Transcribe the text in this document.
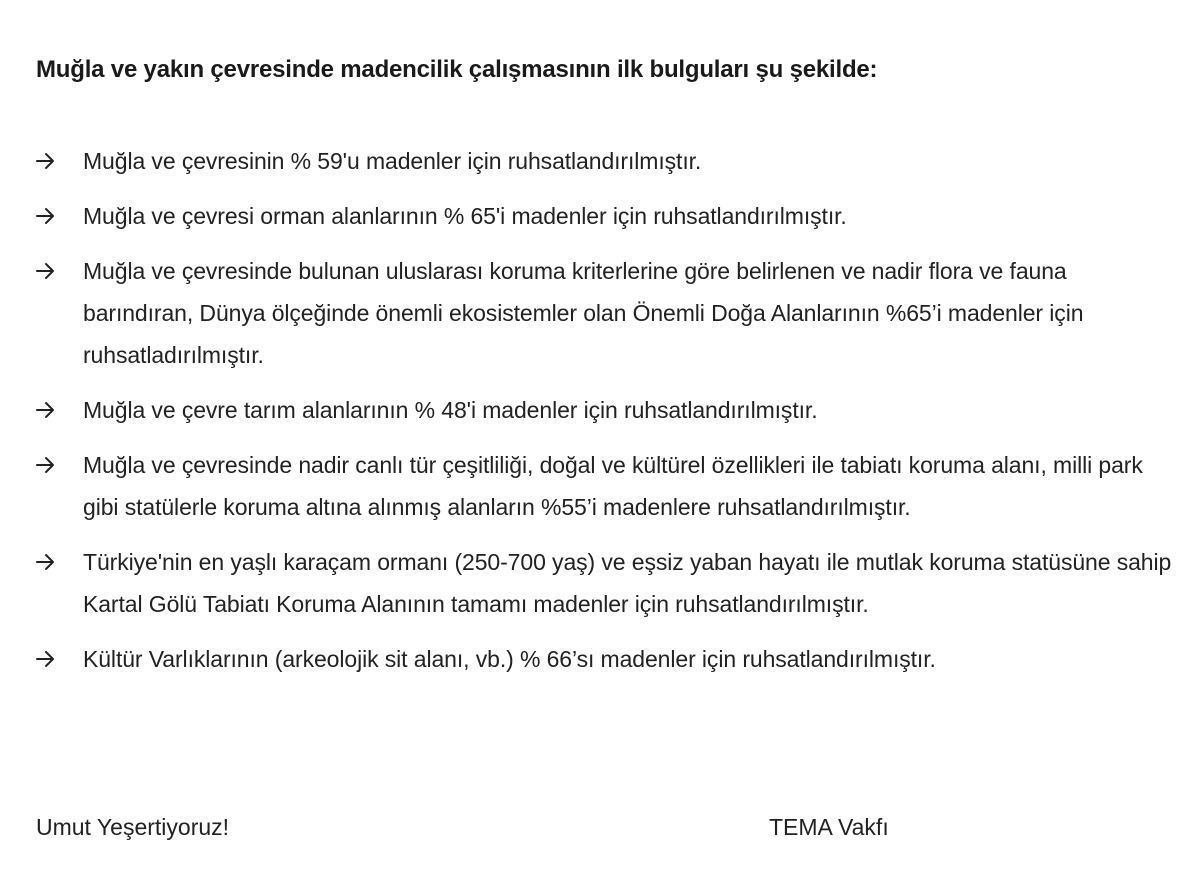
Muğla ve yakın çevresinde madencilik çalışmasının ilk bulguları şu şekilde:
Muğla ve çevresinin % 59'u madenler için ruhsatlandırılmıştır.
Muğla ve çevresi orman alanlarının % 65'i madenler için ruhsatlandırılmıştır.
Muğla ve çevresinde bulunan uluslarası koruma kriterlerine göre belirlenen ve nadir flora ve fauna barındıran, Dünya ölçeğinde önemli ekosistemler olan Önemli Doğa Alanlarının %65’i madenler için ruhsatladırılmıştır.
Muğla ve çevre tarım alanlarının % 48'i madenler için ruhsatlandırılmıştır.
Muğla ve çevresinde nadir canlı tür çeşitliliği, doğal ve kültürel özellikleri ile tabiatı koruma alanı, milli park gibi statülerle koruma altına alınmış alanların %55’i madenlere ruhsatlandırılmıştır.
Türkiye'nin en yaşlı karaçam ormanı (250-700 yaş) ve eşsiz yaban hayatı ile mutlak koruma statüsüne sahip Kartal Gölü Tabiatı Koruma Alanının tamamı madenler için ruhsatlandırılmıştır.
Kültür Varlıklarının (arkeolojik sit alanı, vb.) % 66’sı madenler için ruhsatlandırılmıştır.
Umut Yeşertiyoruz!	TEMA Vakfı
